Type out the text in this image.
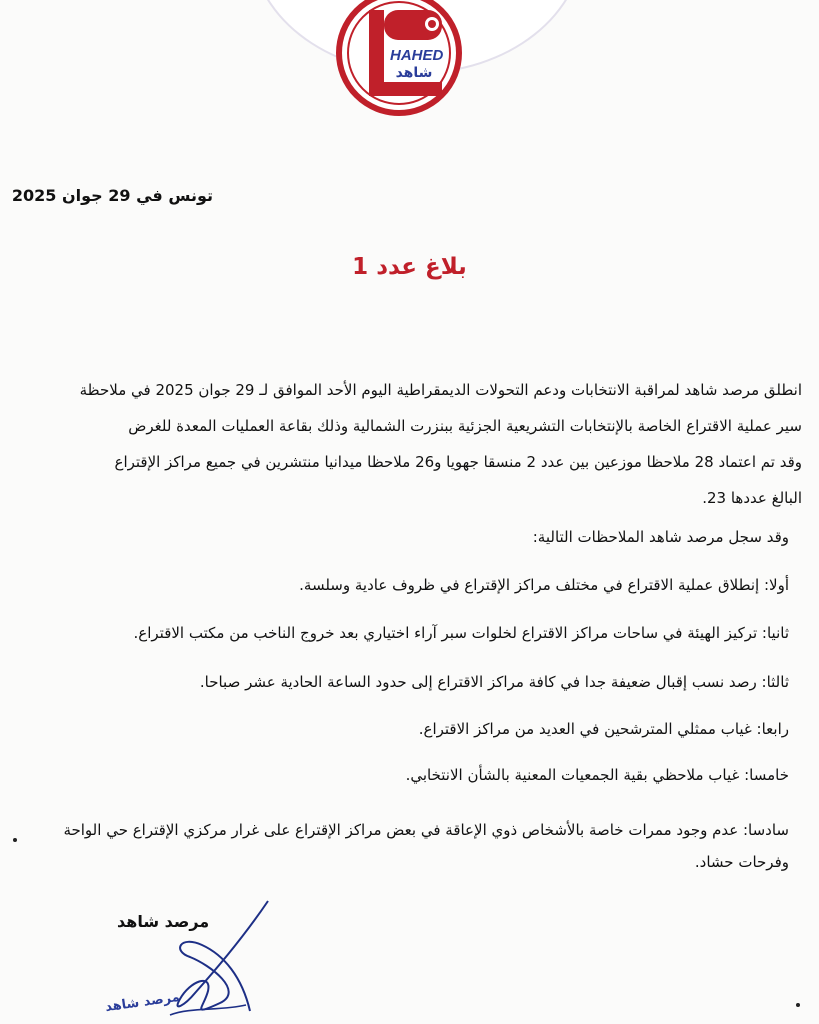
HAHED
شاهد
تونس في 29 جوان 2025
بلاغ عدد 1
انطلق مرصد شاهد لمراقبة الانتخابات ودعم التحولات الديمقراطية اليوم الأحد الموافق لـ 29 جوان 2025 في ملاحظة
سير عملية الاقتراع الخاصة بالإنتخابات التشريعية الجزئية ببنزرت الشمالية وذلك بقاعة العمليات المعدة للغرض
وقد تم اعتماد 28 ملاحظا موزعين بين عدد 2 منسقا جهويا و26 ملاحظا ميدانيا منتشرين في جميع مراكز الإقتراع
البالغ عددها 23.
وقد سجل مرصد شاهد الملاحظات التالية:
أولا: إنطلاق عملية الاقتراع في مختلف مراكز الإقتراع في ظروف عادية وسلسة.
ثانيا: تركيز الهيئة في ساحات مراكز الاقتراع لخلوات سبر آراء اختياري بعد خروج الناخب من مكتب الاقتراع.
ثالثا: رصد نسب إقبال ضعيفة جدا في كافة مراكز الاقتراع إلى حدود الساعة الحادية عشر صباحا.
رابعا: غياب ممثلي المترشحين في العديد من مراكز الاقتراع.
خامسا: غياب ملاحظي بقية الجمعيات المعنية بالشأن الانتخابي.
سادسا: عدم وجود ممرات خاصة بالأشخاص ذوي الإعاقة في بعض مراكز الإقتراع على غرار مركزي الإقتراع حي الواحة وفرحات حشاد.
مرصد شاهد
مرصد شاهد
